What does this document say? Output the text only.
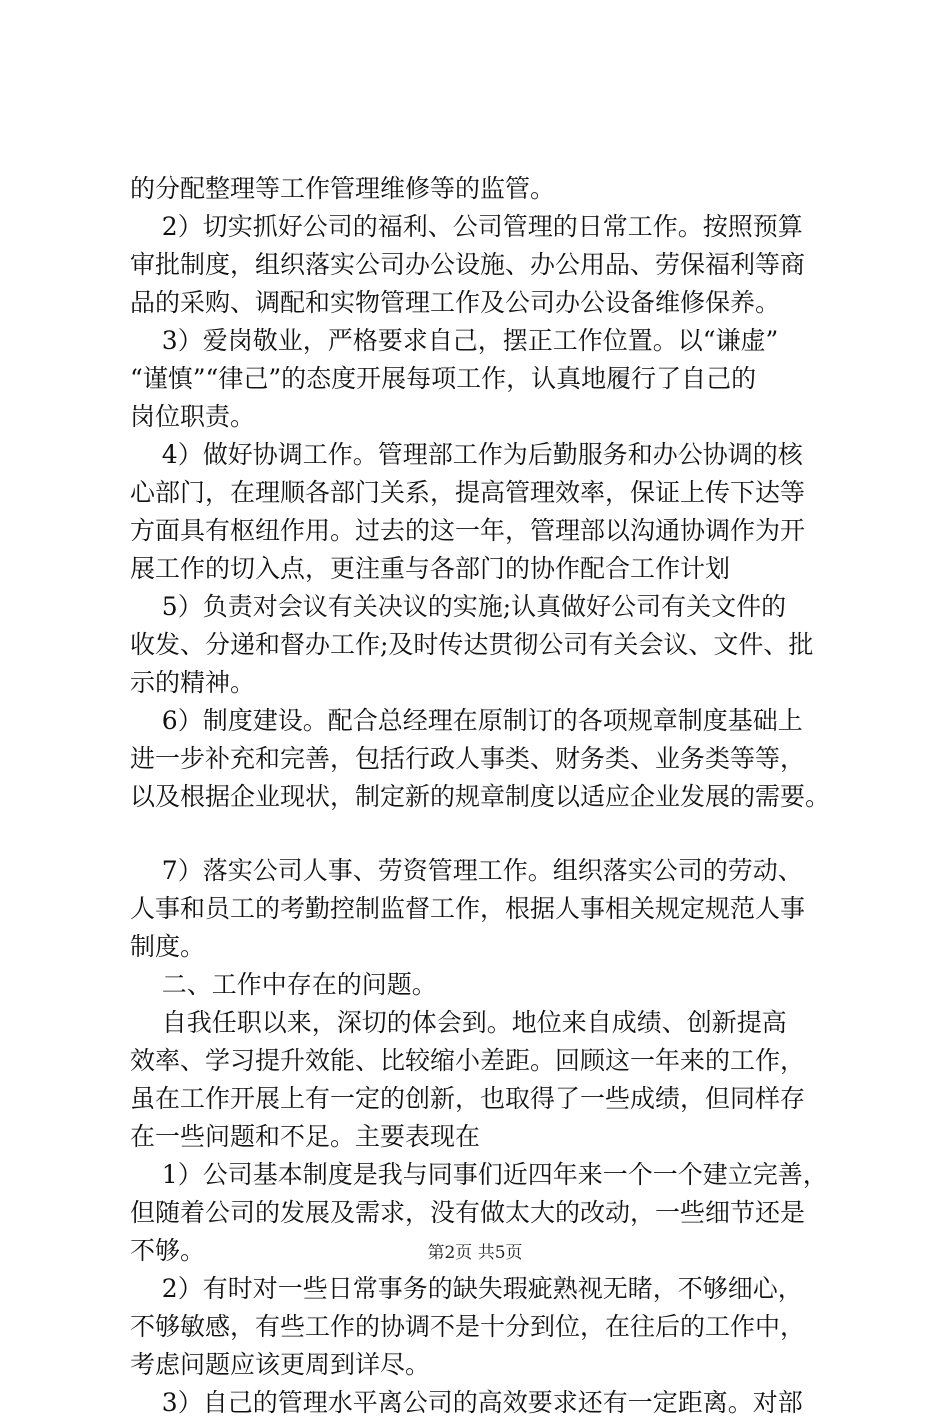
的分配整理等工作管理维修等的监管。
2）切实抓好公司的福利、公司管理的日常工作。按照预算
审批制度，组织落实公司办公设施、办公用品、劳保福利等商
品的采购、调配和实物管理工作及公司办公设备维修保养。
3）爱岗敬业，严格要求自己，摆正工作位置。以“谦虚”
“谨慎”“律己”的态度开展每项工作，认真地履行了自己的
岗位职责。
4）做好协调工作。管理部工作为后勤服务和办公协调的核
心部门，在理顺各部门关系，提高管理效率，保证上传下达等
方面具有枢纽作用。过去的这一年，管理部以沟通协调作为开
展工作的切入点，更注重与各部门的协作配合工作计划
5）负责对会议有关决议的实施;认真做好公司有关文件的
收发、分递和督办工作;及时传达贯彻公司有关会议、文件、批
示的精神。
6）制度建设。配合总经理在原制订的各项规章制度基础上
进一步补充和完善，包括行政人事类、财务类、业务类等等，
以及根据企业现状，制定新的规章制度以适应企业发展的需要。
7）落实公司人事、劳资管理工作。组织落实公司的劳动、
人事和员工的考勤控制监督工作，根据人事相关规定规范人事
制度。
二、工作中存在的问题。
自我任职以来，深切的体会到。地位来自成绩、创新提高
效率、学习提升效能、比较缩小差距。回顾这一年来的工作，
虽在工作开展上有一定的创新，也取得了一些成绩，但同样存
在一些问题和不足。主要表现在
1）公司基本制度是我与同事们近四年来一个一个建立完善，
但随着公司的发展及需求，没有做太大的改动，一些细节还是
不够。
2）有时对一些日常事务的缺失瑕疵熟视无睹，不够细心，
不够敏感，有些工作的协调不是十分到位，在往后的工作中，
考虑问题应该更周到详尽。
3）自己的管理水平离公司的高效要求还有一定距离。对部
第2页 共5页
